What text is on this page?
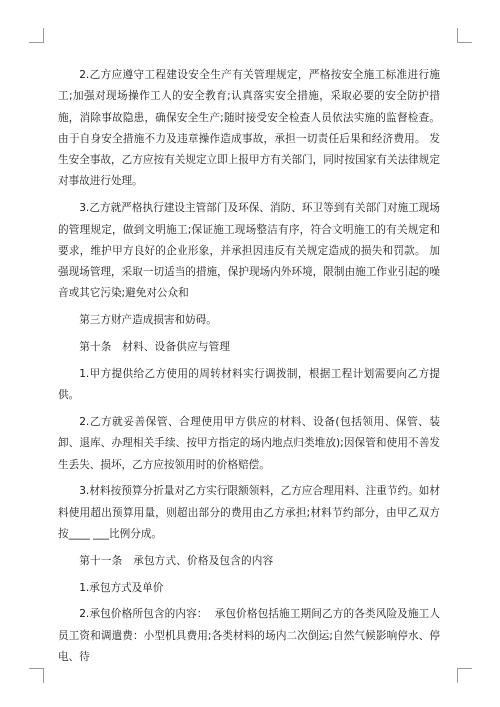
2.乙方应遵守工程建设安全生产有关管理规定，严格按安全施工标准进行施工;加强对现场操作工人的安全教育;认真落实安全措施，采取必要的安全防护措施，消除事故隐患，确保安全生产;随时接受安全检查人员依法实施的监督检查。由于自身安全措施不力及违章操作造成事故，承担一切责任后果和经济费用。 发生安全事故，乙方应按有关规定立即上报甲方有关部门，同时按国家有关法律规定对事故进行处理。

3.乙方就严格执行建设主管部门及环保、消防、环卫等到有关部门对施工现场的管理规定，做到文明施工;保证施工现场整洁有序，符合文明施工的有关规定和要求，维护甲方良好的企业形象，并承担因违反有关规定造成的损失和罚款。 加强现场管理，采取一切适当的措施，保护现场内外环境，限制由施工作业引起的噪音或其它污染;避免对公众和

第三方财产造成损害和妨碍。

第十条   材料、设备供应与管理

1.甲方提供给乙方使用的周转材料实行调拨制，根据工程计划需要向乙方提供。

2.乙方就妥善保管、合理使用甲方供应的材料、设备(包括领用、保管、装卸、退库、办理相关手续、按甲方指定的场内地点归类堆放);因保管和使用不善发生丢失、损坏，乙方应按领用时的价格赔偿。

3.材料按预算分折量对乙方实行限额领料，乙方应合理用料、注重节约。如材料使用超出预算用量，则超出部分的费用由乙方承担;材料节约部分，由甲乙双方按____ ___比例分成。

第十一条   承包方式、价格及包含的内容

1.承包方式及单价

2.承包价格所包含的内容：  承包价格包括施工期间乙方的各类风险及施工人员工资和调遣费：小型机具费用;各类材料的场内二次倒运;自然气候影响停水、停电、待
